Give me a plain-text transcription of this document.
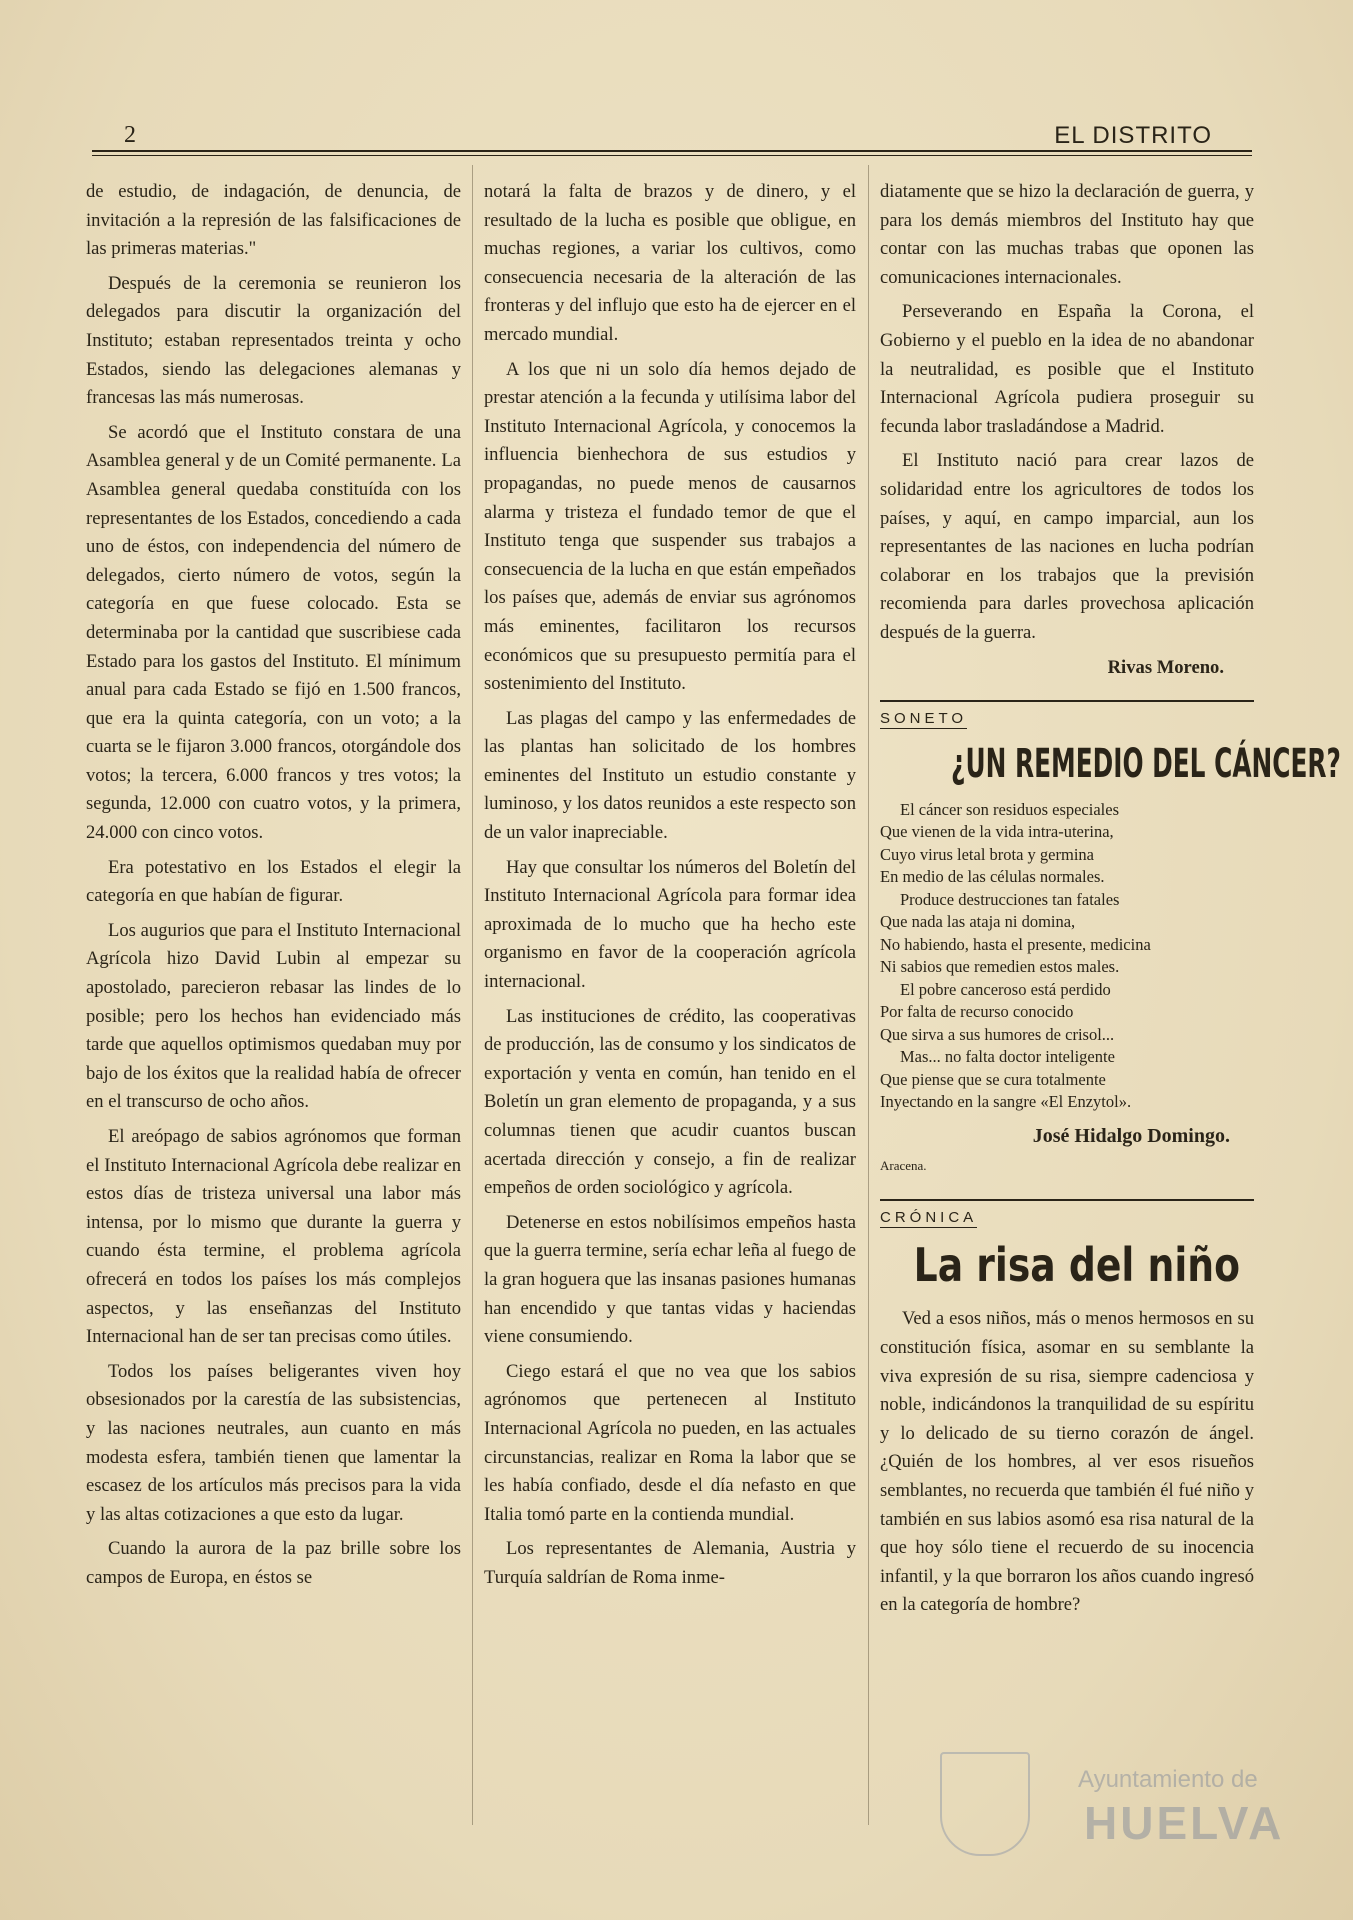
2	EL DISTRITO

de estudio, de indagación, de denuncia, de invitación a la represión de las falsificaciones de las primeras materias."

Después de la ceremonia se reunieron los delegados para discutir la organización del Instituto; estaban representados treinta y ocho Estados, siendo las delegaciones alemanas y francesas las más numerosas.

Se acordó que el Instituto constara de una Asamblea general y de un Comité permanente. La Asamblea general quedaba constituída con los representantes de los Estados, concediendo a cada uno de éstos, con independencia del número de delegados, cierto número de votos, según la categoría en que fuese colocado. Esta se determinaba por la cantidad que suscribiese cada Estado para los gastos del Instituto. El mínimum anual para cada Estado se fijó en 1.500 francos, que era la quinta categoría, con un voto; a la cuarta se le fijaron 3.000 francos, otorgándole dos votos; la tercera, 6.000 francos y tres votos; la segunda, 12.000 con cuatro votos, y la primera, 24.000 con cinco votos.

Era potestativo en los Estados el elegir la categoría en que habían de figurar.

Los augurios que para el Instituto Internacional Agrícola hizo David Lubin al empezar su apostolado, parecieron rebasar las lindes de lo posible; pero los hechos han evidenciado más tarde que aquellos optimismos quedaban muy por bajo de los éxitos que la realidad había de ofrecer en el transcurso de ocho años.

El areópago de sabios agrónomos que forman el Instituto Internacional Agrícola debe realizar en estos días de tristeza universal una labor más intensa, por lo mismo que durante la guerra y cuando ésta termine, el problema agrícola ofrecerá en todos los países los más complejos aspectos, y las enseñanzas del Instituto Internacional han de ser tan precisas como útiles.

Todos los países beligerantes viven hoy obsesionados por la carestía de las subsistencias, y las naciones neutrales, aun cuanto en más modesta esfera, también tienen que lamentar la escasez de los artículos más precisos para la vida y las altas cotizaciones a que esto da lugar.

Cuando la aurora de la paz brille sobre los campos de Europa, en éstos se

notará la falta de brazos y de dinero, y el resultado de la lucha es posible que obligue, en muchas regiones, a variar los cultivos, como consecuencia necesaria de la alteración de las fronteras y del influjo que esto ha de ejercer en el mercado mundial.

A los que ni un solo día hemos dejado de prestar atención a la fecunda y utilísima labor del Instituto Internacional Agrícola, y conocemos la influencia bienhechora de sus estudios y propagandas, no puede menos de causarnos alarma y tristeza el fundado temor de que el Instituto tenga que suspender sus trabajos a consecuencia de la lucha en que están empeñados los países que, además de enviar sus agrónomos más eminentes, facilitaron los recursos económicos que su presupuesto permitía para el sostenimiento del Instituto.

Las plagas del campo y las enfermedades de las plantas han solicitado de los hombres eminentes del Instituto un estudio constante y luminoso, y los datos reunidos a este respecto son de un valor inapreciable.

Hay que consultar los números del Boletín del Instituto Internacional Agrícola para formar idea aproximada de lo mucho que ha hecho este organismo en favor de la cooperación agrícola internacional.

Las instituciones de crédito, las cooperativas de producción, las de consumo y los sindicatos de exportación y venta en común, han tenido en el Boletín un gran elemento de propaganda, y a sus columnas tienen que acudir cuantos buscan acertada dirección y consejo, a fin de realizar empeños de orden sociológico y agrícola.

Detenerse en estos nobilísimos empeños hasta que la guerra termine, sería echar leña al fuego de la gran hoguera que las insanas pasiones humanas han encendido y que tantas vidas y haciendas viene consumiendo.

Ciego estará el que no vea que los sabios agrónomos que pertenecen al Instituto Internacional Agrícola no pueden, en las actuales circunstancias, realizar en Roma la labor que se les había confiado, desde el día nefasto en que Italia tomó parte en la contienda mundial.

Los representantes de Alemania, Austria y Turquía saldrían de Roma inme-

diatamente que se hizo la declaración de guerra, y para los demás miembros del Instituto hay que contar con las muchas trabas que oponen las comunicaciones internacionales.

Perseverando en España la Corona, el Gobierno y el pueblo en la idea de no abandonar la neutralidad, es posible que el Instituto Internacional Agrícola pudiera proseguir su fecunda labor trasladándose a Madrid.

El Instituto nació para crear lazos de solidaridad entre los agricultores de todos los países, y aquí, en campo imparcial, aun los representantes de las naciones en lucha podrían colaborar en los trabajos que la previsión recomienda para darles provechosa aplicación después de la guerra.

Rivas Moreno.
SONETO
¿UN REMEDIO DEL CÁNCER?
El cáncer son residuos especiales
Que vienen de la vida intra-uterina,
Cuyo virus letal brota y germina
En medio de las células normales.
Produce destrucciones tan fatales
Que nada las ataja ni domina,
No habiendo, hasta el presente, medicina
Ni sabios que remedien estos males.
El pobre canceroso está perdido
Por falta de recurso conocido
Que sirva a sus humores de crisol...
Mas... no falta doctor inteligente
Que piense que se cura totalmente
Inyectando en la sangre «El Enzytol».
José Hidalgo Domingo.
Aracena.
CRÓNICA
La risa del niño

Ved a esos niños, más o menos hermosos en su constitución física, asomar en su semblante la viva expresión de su risa, siempre cadenciosa y noble, indicándonos la tranquilidad de su espíritu y lo delicado de su tierno corazón de ángel. ¿Quién de los hombres, al ver esos risueños semblantes, no recuerda que también él fué niño y también en sus labios asomó esa risa natural de la que hoy sólo tiene el recuerdo de su inocencia infantil, y la que borraron los años cuando ingresó en la categoría de hombre?

Ayuntamiento de
HUELVA
